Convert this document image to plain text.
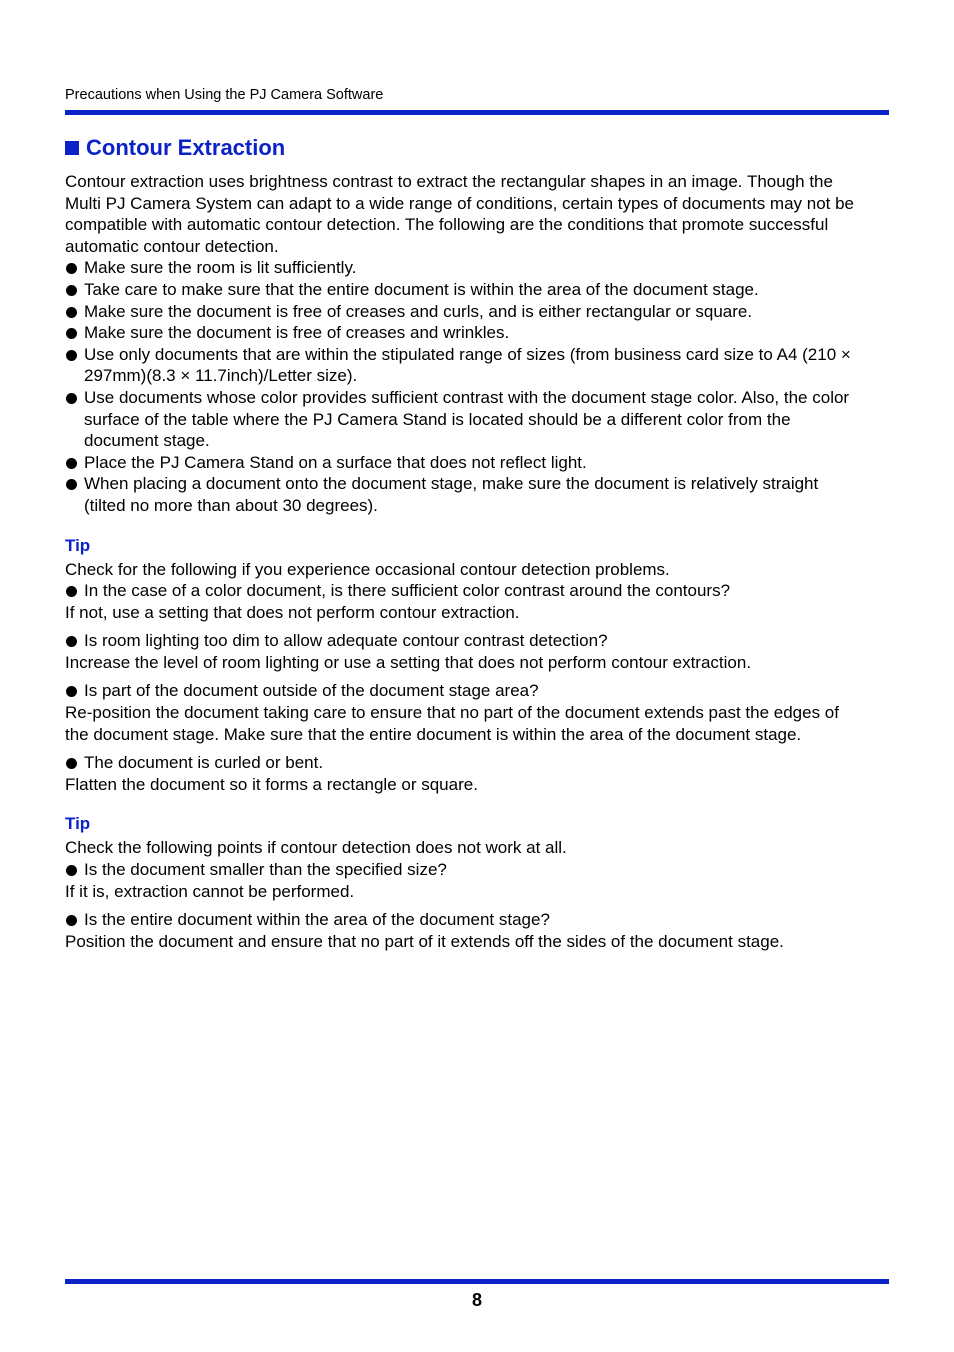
Precautions when Using the PJ Camera Software
Contour Extraction

Contour extraction uses brightness contrast to extract the rectangular shapes in an image. Though the Multi PJ Camera System can adapt to a wide range of conditions, certain types of documents may not be compatible with automatic contour detection. The following are the conditions that promote successful automatic contour detection.

Make sure the room is lit sufficiently.
Take care to make sure that the entire document is within the area of the document stage.
Make sure the document is free of creases and curls, and is either rectangular or square.
Make sure the document is free of creases and wrinkles.
Use only documents that are within the stipulated range of sizes (from business card size to A4 (210 × 297mm)(8.3 × 11.7inch)/Letter size).
Use documents whose color provides sufficient contrast with the document stage color. Also, the color surface of the table where the PJ Camera Stand is located should be a different color from the document stage.
Place the PJ Camera Stand on a surface that does not reflect light.
When placing a document onto the document stage, make sure the document is relatively straight (tilted no more than about 30 degrees).
Tip

Check for the following if you experience occasional contour detection problems.

In the case of a color document, is there sufficient color contrast around the contours?
If not, use a setting that does not perform contour extraction.
Is room lighting too dim to allow adequate contour contrast detection?
Increase the level of room lighting or use a setting that does not perform contour extraction.
Is part of the document outside of the document stage area?
Re-position the document taking care to ensure that no part of the document extends past the edges of the document stage. Make sure that the entire document is within the area of the document stage.
The document is curled or bent.
Flatten the document so it forms a rectangle or square.
Tip

Check the following points if contour detection does not work at all.

Is the document smaller than the specified size?
If it is, extraction cannot be performed.
Is the entire document within the area of the document stage?
Position the document and ensure that no part of it extends off the sides of the document stage.
8
